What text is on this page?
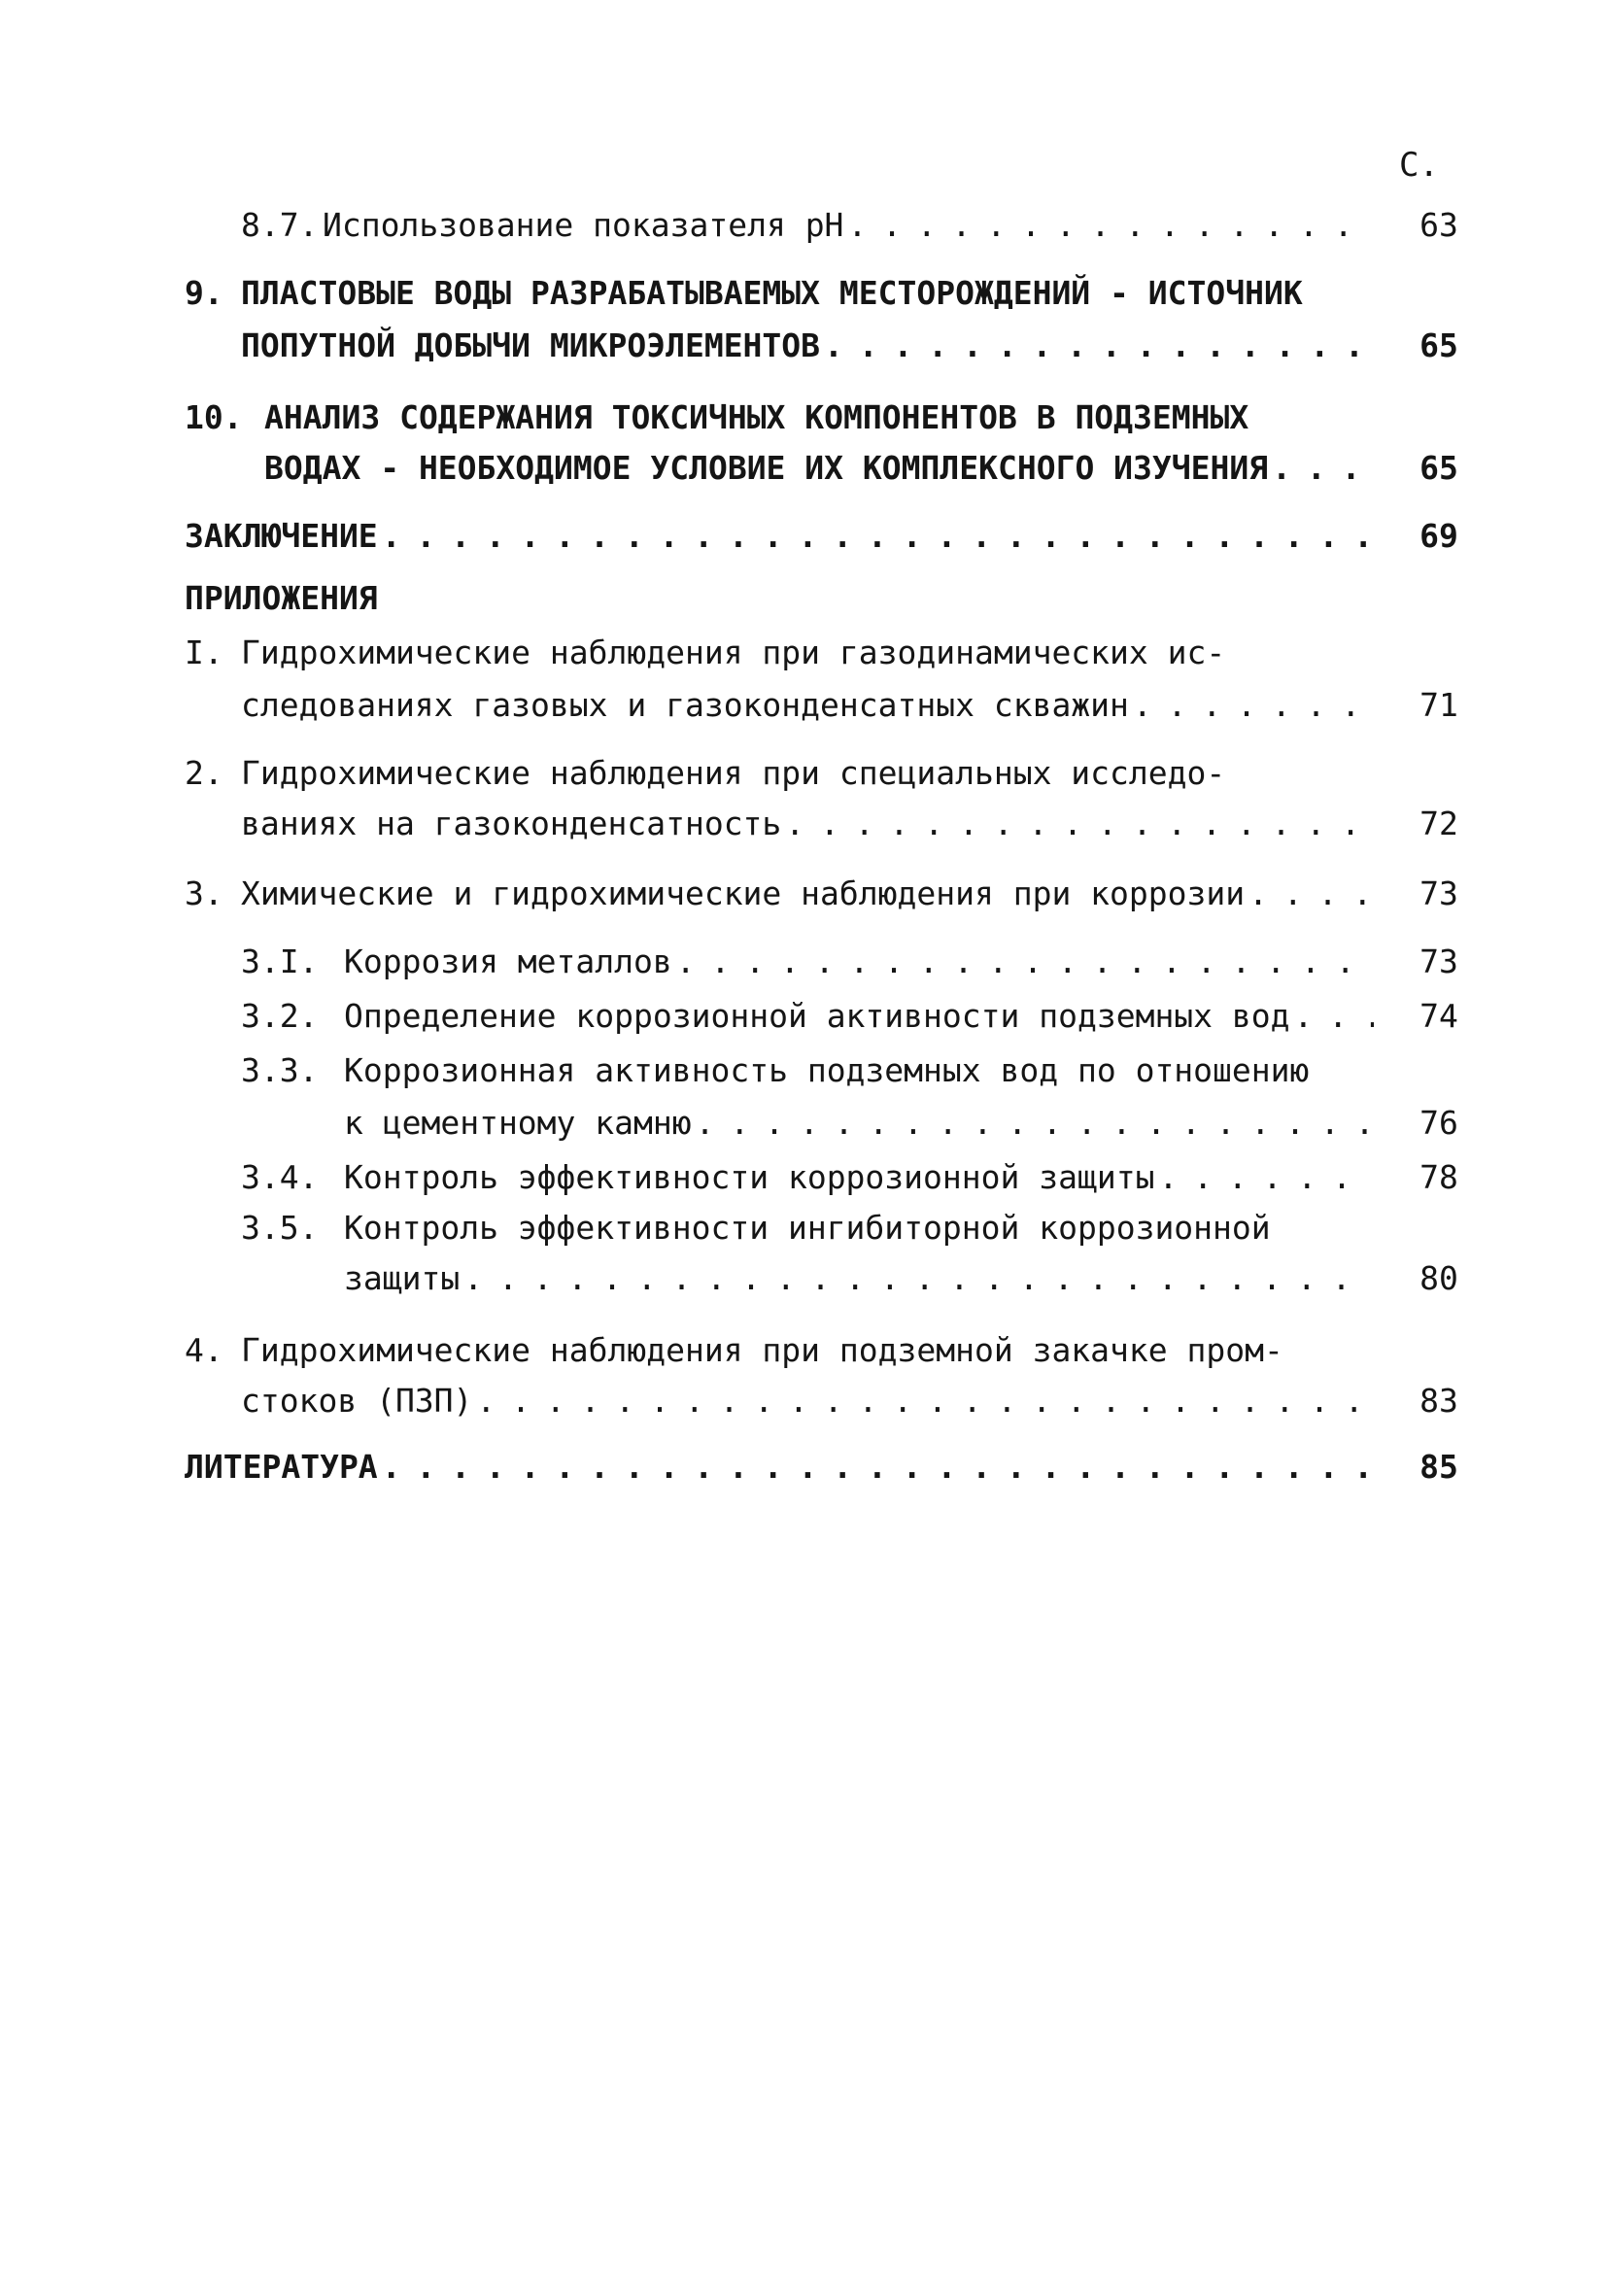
С.
8.7. Использование показателя рН . . .	63
9. ПЛАСТОВЫЕ ВОДЫ РАЗРАБАТЫВАЕМЫХ МЕСТОРОЖДЕНИЙ - ИСТОЧНИК
ПОПУТНОЙ ДОБЫЧИ МИКРОЭЛЕМЕНТОВ . . .	65
10. АНАЛИЗ СОДЕРЖАНИЯ ТОКСИЧНЫХ КОМПОНЕНТОВ В ПОДЗЕМНЫХ
ВОДАХ - НЕОБХОДИМОЕ УСЛОВИЕ ИХ КОМПЛЕКСНОГО ИЗУЧЕНИЯ . . .	65
ЗАКЛЮЧЕНИЕ . . .	69
ПРИЛОЖЕНИЯ
I. Гидрохимические наблюдения при газодинамических ис-
следованиях газовых и газоконденсатных скважин . . .	71
2. Гидрохимические наблюдения при специальных исследо-
ваниях на газоконденсатность . . .	72
3. Химические и гидрохимические наблюдения при коррозии . . .	73
3.I. Коррозия металлов . . .	73
3.2. Определение коррозионной активности подземных вод . . .	74
3.3. Коррозионная активность подземных вод по отношению
к цементному камню . . .	76
3.4. Контроль эффективности коррозионной защиты . . .	78
3.5. Контроль эффективности ингибиторной коррозионной
защиты . . .	80
4. Гидрохимические наблюдения при подземной закачке пром-
стоков (ПЗП) . . .	83
ЛИТЕРАТУРА . . .	85
